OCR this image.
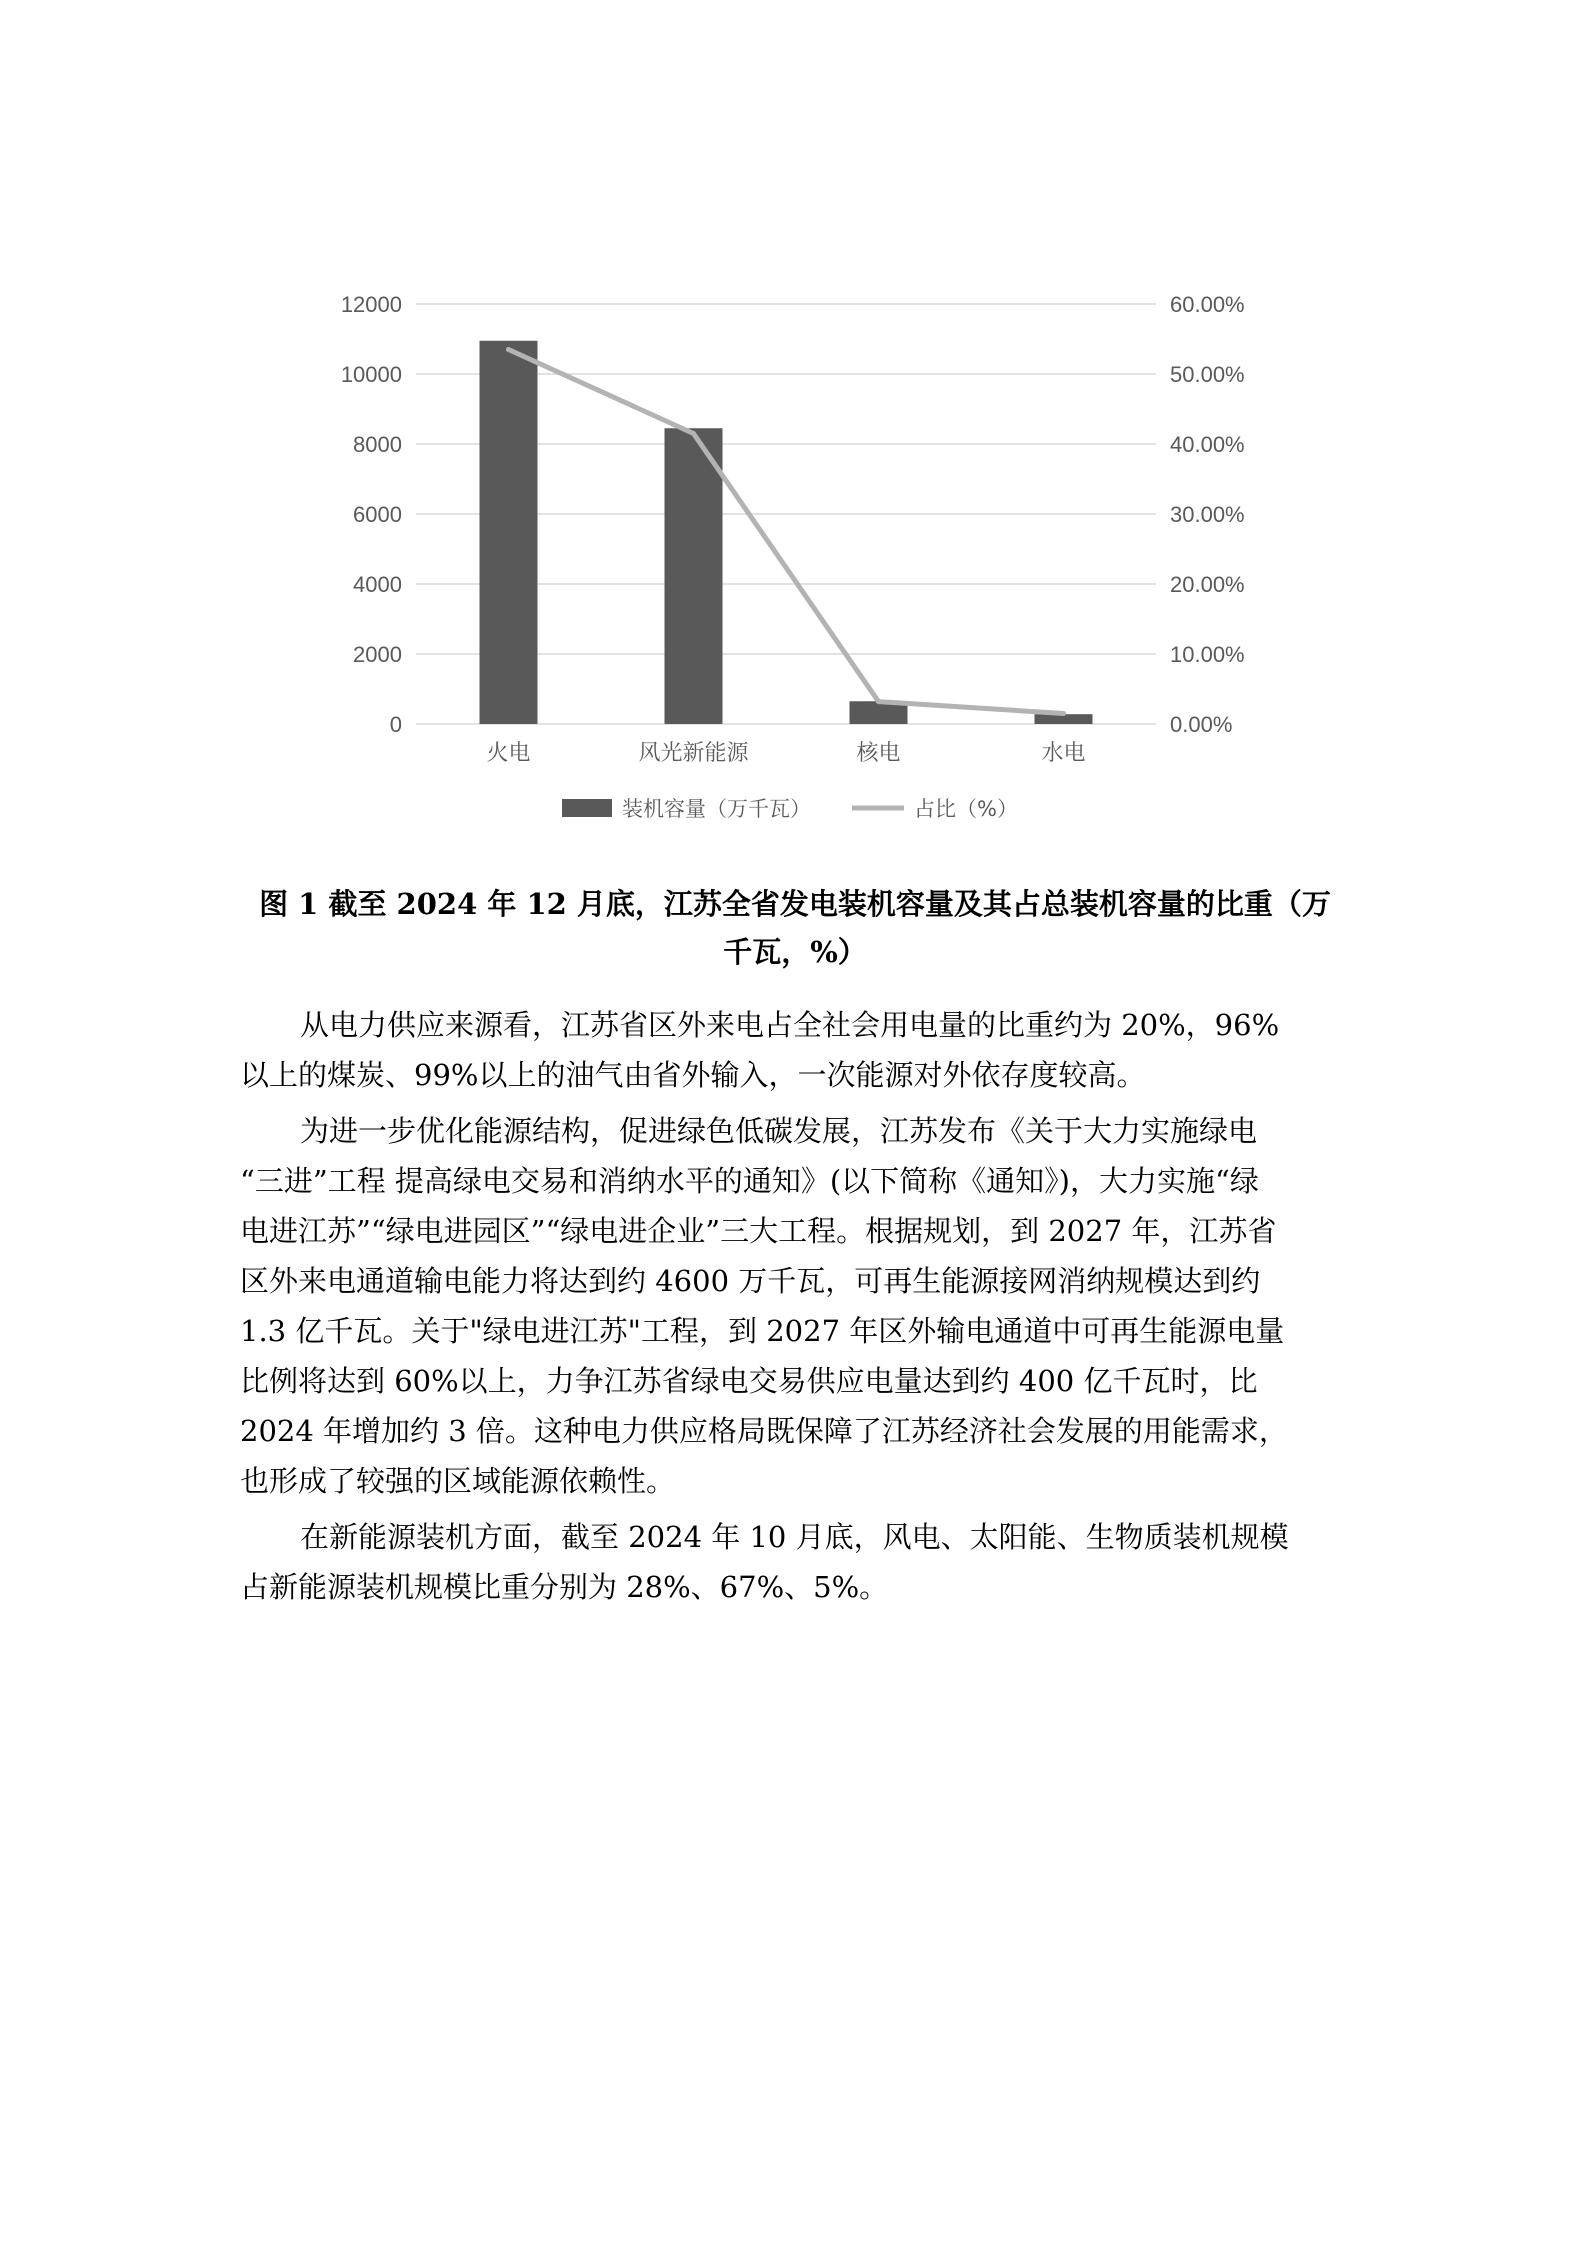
0	0.00%
2000	10.00%
4000	20.00%
6000	30.00%
8000	40.00%
10000	50.00%
12000	60.00%
火电	风光新能源	核电	水电
装机容量（万千瓦）	占比（%）
图 1 截至 2024 年 12 月底，江苏全省发电装机容量及其占总装机容量的比重（万
千瓦，%）
从电力供应来源看，江苏省区外来电占全社会用电量的比重约为 20%，96%
以上的煤炭、99%以上的油气由省外输入，一次能源对外依存度较高。
为进一步优化能源结构，促进绿色低碳发展，江苏发布《关于大力实施绿电
“三进”工程 提高绿电交易和消纳水平的通知》(以下简称《通知》)，大力实施“绿
电进江苏”“绿电进园区”“绿电进企业”三大工程。根据规划，到 2027 年，江苏省
区外来电通道输电能力将达到约 4600 万千瓦，可再生能源接网消纳规模达到约
1.3 亿千瓦。关于"绿电进江苏"工程，到 2027 年区外输电通道中可再生能源电量
比例将达到 60%以上，力争江苏省绿电交易供应电量达到约 400 亿千瓦时，比
2024 年增加约 3 倍。这种电力供应格局既保障了江苏经济社会发展的用能需求，
也形成了较强的区域能源依赖性。
在新能源装机方面，截至 2024 年 10 月底，风电、太阳能、生物质装机规模
占新能源装机规模比重分别为 28%、67%、5%。
